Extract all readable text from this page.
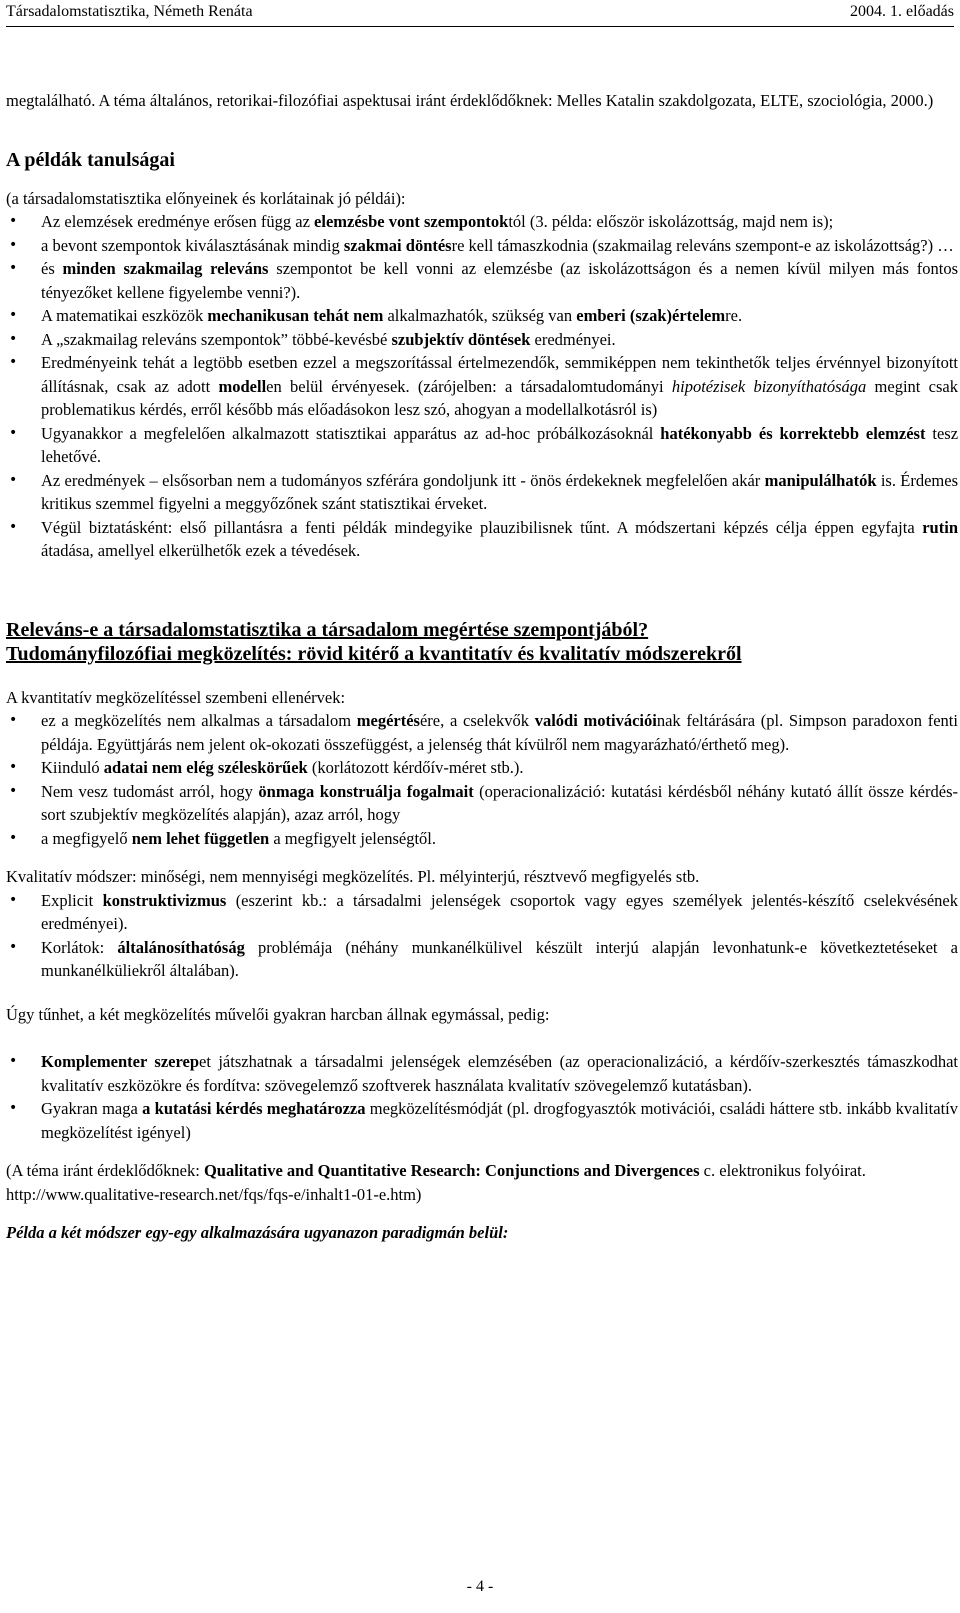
Társadalomstatisztika, Németh Renáta	2004. 1. előadás

megtalálható. A téma általános, retorikai-filozófiai aspektusai iránt érdeklődőknek: Melles Katalin szakdolgozata, ELTE, szociológia, 2000.)

A példák tanulságai

(a társadalomstatisztika előnyeinek és korlátainak jó példái):

• Az elemzések eredménye erősen függ az elemzésbe vont szempontoktól (3. példa: először iskolázottság, majd nem is);
• a bevont szempontok kiválasztásának mindig szakmai döntésre kell támaszkodnia (szakmailag releváns szempont-e az iskolázottság?) …
• és minden szakmailag releváns szempontot be kell vonni az elemzésbe (az iskolázottságon és a nemen kívül milyen más fontos tényezőket kellene figyelembe venni?).
• A matematikai eszközök mechanikusan tehát nem alkalmazhatók, szükség van emberi (szak)értelemre.
• A „szakmailag releváns szempontok” többé-kevésbé szubjektív döntések eredményei.
• Eredményeink tehát a legtöbb esetben ezzel a megszorítással értelmezendők, semmiképpen nem tekinthetők teljes érvénnyel bizonyított állításnak, csak az adott modellen belül érvényesek. (zárójelben: a társadalomtudományi hipotézisek bizonyíthatósága megint csak problematikus kérdés, erről később más előadásokon lesz szó, ahogyan a modellalkotásról is)
• Ugyanakkor a megfelelően alkalmazott statisztikai apparátus az ad-hoc próbálkozásoknál hatékonyabb és korrektebb elemzést tesz lehetővé.
• Az eredmények – elsősorban nem a tudományos szférára gondoljunk itt - önös érdekeknek megfelelően akár manipulálhatók is. Érdemes kritikus szemmel figyelni a meggyőzőnek szánt statisztikai érveket.
• Végül biztatásként: első pillantásra a fenti példák mindegyike plauzibilisnek tűnt. A módszertani képzés célja éppen egyfajta rutin átadása, amellyel elkerülhetők ezek a tévedések.

Releváns-e a társadalomstatisztika a társadalom megértése szempontjából?

Tudományfilozófiai megközelítés: rövid kitérő a kvantitatív és kvalitatív módszerekről

A kvantitatív megközelítéssel szembeni ellenérvek:

• ez a megközelítés nem alkalmas a társadalom megértésére, a cselekvők valódi motivációinak feltárására (pl. Simpson paradoxon fenti példája. Együttjárás nem jelent ok-okozati összefüggést, a jelenség thát kívülről nem magyarázható/érthető meg).
• Kiinduló adatai nem elég széleskörűek (korlátozott kérdőív-méret stb.).
• Nem vesz tudomást arról, hogy önmaga konstruálja fogalmait (operacionalizáció: kutatási kérdésből néhány kutató állít össze kérdés-sort szubjektív megközelítés alapján), azaz arról, hogy
• a megfigyelő nem lehet független a megfigyelt jelenségtől.

Kvalitatív módszer: minőségi, nem mennyiségi megközelítés. Pl. mélyinterjú, résztvevő megfigyelés stb.

• Explicit konstruktivizmus (eszerint kb.: a társadalmi jelenségek csoportok vagy egyes személyek jelentés-készítő cselekvésének eredményei).
• Korlátok: általánosíthatóság problémája (néhány munkanélkülivel készült interjú alapján levonhatunk-e következtetéseket a munkanélküliekről általában).

Úgy tűnhet, a két megközelítés művelői gyakran harcban állnak egymással, pedig:

• Komplementer szerepet játszhatnak a társadalmi jelenségek elemzésében (az operacionalizáció, a kérdőív-szerkesztés támaszkodhat kvalitatív eszközökre és fordítva: szövegelemző szoftverek használata kvalitatív szövegelemző kutatásban).
• Gyakran maga a kutatási kérdés meghatározza megközelítésmódját (pl. drogfogyasztók motivációi, családi háttere stb. inkább kvalitatív megközelítést igényel)

(A téma iránt érdeklődőknek: Qualitative and Quantitative Research: Conjunctions and Divergences c. elektronikus folyóirat. http://www.qualitative-research.net/fqs/fqs-e/inhalt1-01-e.htm)

Példa a két módszer egy-egy alkalmazására ugyanazon paradigmán belül:

- 4 -
